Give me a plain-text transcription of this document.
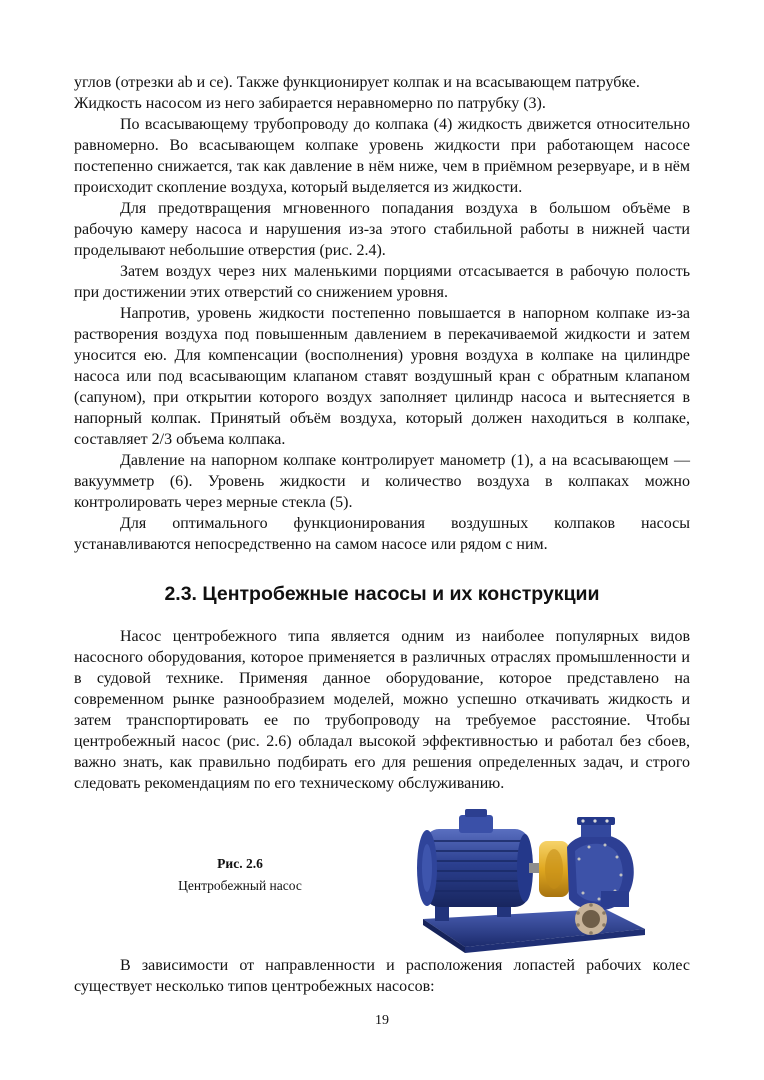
углов (отрезки ab и ce). Также функционирует колпак и на всасывающем патрубке.

Жидкость насосом из него забирается неравномерно по патрубку (3).

По всасывающему трубопроводу до колпака (4) жидкость движется относительно равномерно. Во всасывающем колпаке уровень жидкости при работающем насосе постепенно снижается, так как давление в нём ниже, чем в приёмном резервуаре, и в нём происходит скопление воздуха, который выделяется из жидкости.

Для предотвращения мгновенного попадания воздуха в большом объёме в рабочую камеру насоса и нарушения из-за этого стабильной работы в нижней части проделывают небольшие отверстия (рис. 2.4).

Затем воздух через них маленькими порциями отсасывается в рабочую полость при достижении этих отверстий со снижением уровня.

Напротив, уровень жидкости постепенно повышается в напорном колпаке из-за растворения воздуха под повышенным давлением в перекачиваемой жидкости и затем уносится ею. Для компенсации (восполнения) уровня воздуха в колпаке на цилиндре насоса или под всасывающим клапаном ставят воздушный кран с обратным клапаном (сапуном), при открытии которого воздух заполняет цилиндр насоса и вытесняется в напорный колпак. Принятый объём воздуха, который должен находиться в колпаке, составляет 2/3 объема колпака.

Давление на напорном колпаке контролирует манометр (1), а на всасывающем — вакуумметр (6). Уровень жидкости и количество воздуха в колпаках можно контролировать через мерные стекла (5).

Для оптимального функционирования воздушных колпаков насосы устанавливаются непосредственно на самом насосе или рядом с ним.

2.3. Центробежные насосы и их конструкции

Насос центробежного типа является одним из наиболее популярных видов насосного оборудования, которое применяется в различных отраслях промышленности и в судовой технике. Применяя данное оборудование, которое представлено на современном рынке разнообразием моделей, можно успешно откачивать жидкость и затем транспортировать ее по трубопроводу на требуемое расстояние. Чтобы центробежный насос (рис. 2.6) обладал высокой эффективностью и работал без сбоев, важно знать, как правильно подбирать его для решения определенных задач, и строго следовать рекомендациям по его техническому обслуживанию.

Рис. 2.6
Центробежный насос

В зависимости от направленности и расположения лопастей рабочих колес существует несколько типов центробежных насосов:

19
